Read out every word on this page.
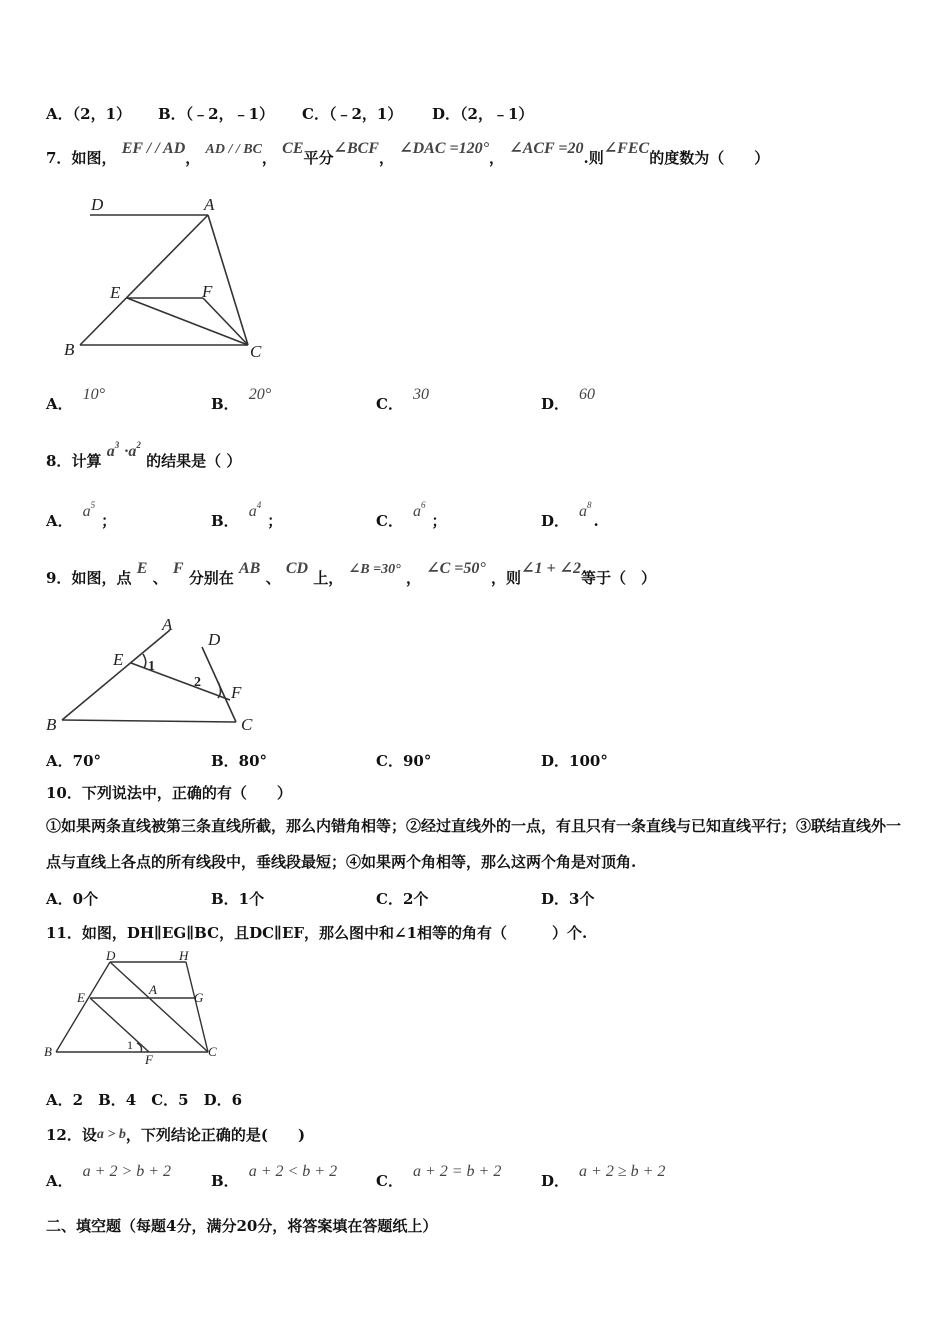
A．（2，1） B．（﹣2，﹣1） C．（﹣2，1） D．（2，﹣1）
7．如图， EF / / AD， AD / / BC， CE平分∠BCF， ∠DAC =120°， ∠ACF =20.则∠FEC的度数为（　　）
D	A
E	F
B	C
A．10°
B．20°
C．30
D．60
8．计算 $a^3 \cdot a^2$ 的结果是（ ）
A．$a^5$；	B．$a^4$；	C．$a^6$；	D．$a^8$.
9．如图，点 E 、 F 分别在 AB 、 CD 上， ∠B =30° ， ∠C =50° ，则∠1 + ∠2等于（　）
A
D
E 1
2
F
B	C
A．70°	B．80°	C．90°	D．100°
10．下列说法中，正确的有（　　）
①如果两条直线被第三条直线所截，那么内错角相等；②经过直线外的一点，有且只有一条直线与已知直线平行；③联结直线外一点与直线上各点的所有线段中，垂线段最短；④如果两个角相等，那么这两个角是对顶角.
A．0个	B．1个	C．2个	D．3个
11．如图，DH∥EG∥BC，且DC∥EF，那么图中和∠1相等的角有（　　　）个.
D	H
E
A
G
B	1
F
C
A．2　B．4　C．5　D．6
12．设a > b，下列结论正确的是(　　)
A．a + 2 > b + 2
B．a + 2 < b + 2
C．a + 2 = b + 2
D．a + 2 ≥ b + 2
二、填空题（每题4分，满分20分，将答案填在答题纸上）
